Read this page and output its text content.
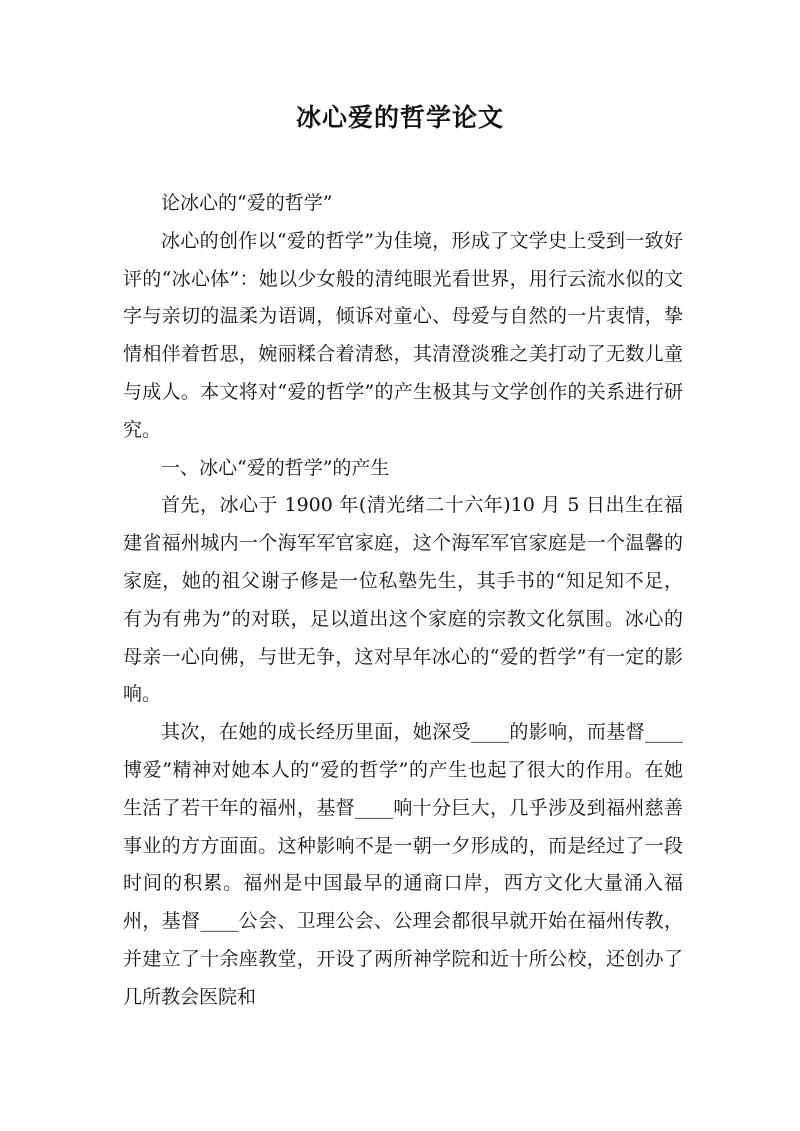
冰心爱的哲学论文

论冰心的“爱的哲学”

冰心的创作以“爱的哲学”为佳境，形成了文学史上受到一致好评的“冰心体”：她以少女般的清纯眼光看世界，用行云流水似的文字与亲切的温柔为语调，倾诉对童心、母爱与自然的一片衷情，挚情相伴着哲思，婉丽糅合着清愁，其清澄淡雅之美打动了无数儿童与成人。本文将对“爱的哲学”的产生极其与文学创作的关系进行研究。

一、冰心“爱的哲学”的产生

首先，冰心于 1900 年(清光绪二十六年)10 月 5 日出生在福建省福州城内一个海军军官家庭，这个海军军官家庭是一个温馨的家庭，她的祖父谢子修是一位私塾先生，其手书的“知足知不足，有为有弗为”的对联，足以道出这个家庭的宗教文化氛围。冰心的母亲一心向佛，与世无争，这对早年冰心的“爱的哲学”有一定的影响。

其次，在她的成长经历里面，她深受____的影响，而基督____博爱”精神对她本人的“爱的哲学”的产生也起了很大的作用。在她生活了若干年的福州，基督____响十分巨大，几乎涉及到福州慈善事业的方方面面。这种影响不是一朝一夕形成的，而是经过了一段时间的积累。福州是中国最早的通商口岸，西方文化大量涌入福州，基督____公会、卫理公会、公理会都很早就开始在福州传教，并建立了十余座教堂，开设了两所神学院和近十所公校，还创办了几所教会医院和
